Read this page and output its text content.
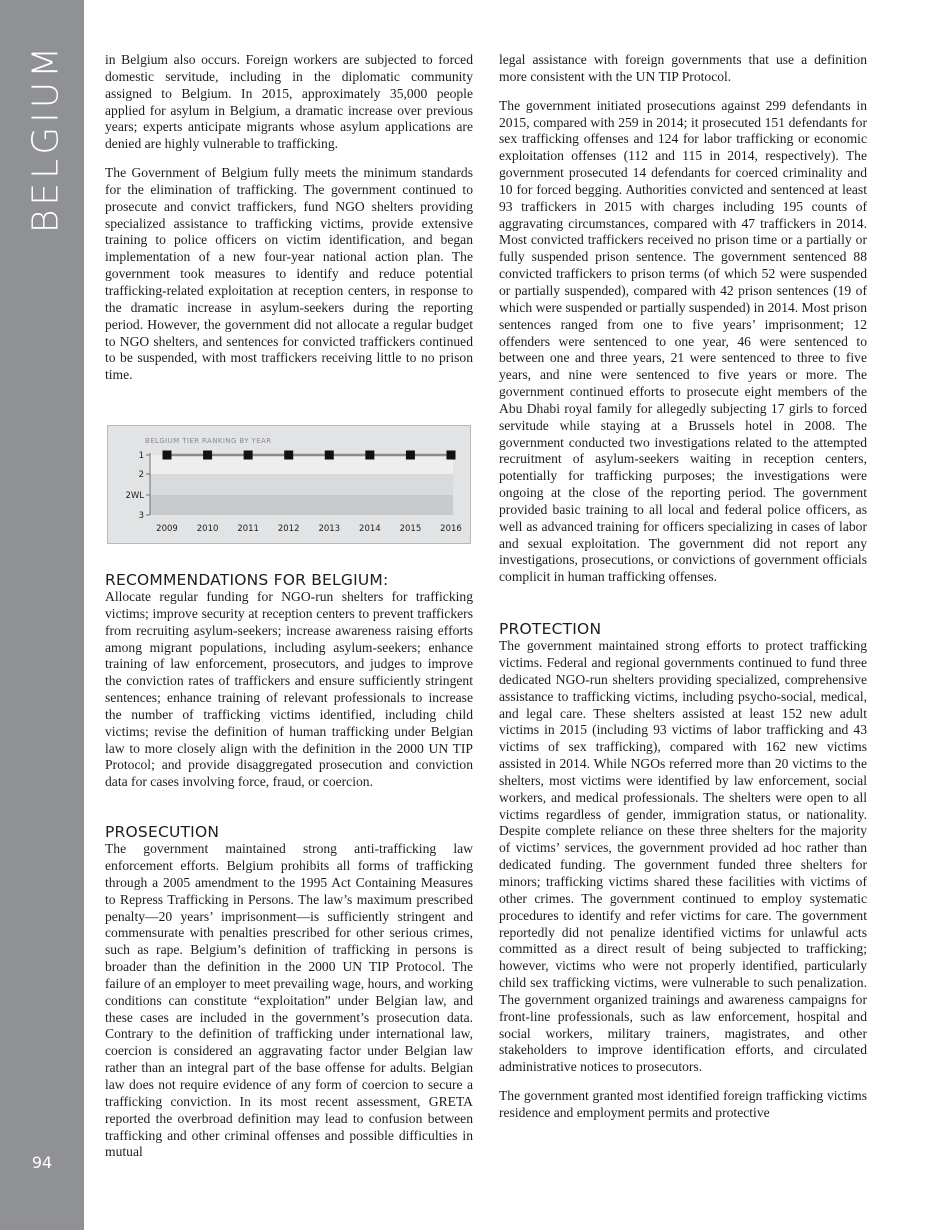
BELGIUM
94

in Belgium also occurs. Foreign workers are subjected to forced domestic servitude, including in the diplomatic community assigned to Belgium. In 2015, approximately 35,000 people applied for asylum in Belgium, a dramatic increase over previous years; experts anticipate migrants whose asylum applications are denied are highly vulnerable to trafficking.

The Government of Belgium fully meets the minimum standards for the elimination of trafficking. The government continued to prosecute and convict traffickers, fund NGO shelters providing specialized assistance to trafficking victims, provide extensive training to police officers on victim identification, and began implementation of a new four-year national action plan. The government took measures to identify and reduce potential trafficking-related exploitation at reception centers, in response to the dramatic increase in asylum-seekers during the reporting period. However, the government did not allocate a regular budget to NGO shelters, and sentences for convicted traffickers continued to be suspended, with most traffickers receiving little to no prison time.

BELGIUM TIER RANKING BY YEAR
1
2
2WL
3
2009 2010 2011 2012 2013 2014 2015 2016
RECOMMENDATIONS FOR BELGIUM:

Allocate regular funding for NGO-run shelters for trafficking victims; improve security at reception centers to prevent traffickers from recruiting asylum-seekers; increase awareness raising efforts among migrant populations, including asylum-seekers; enhance training of law enforcement, prosecutors, and judges to improve the conviction rates of traffickers and ensure sufficiently stringent sentences; enhance training of relevant professionals to increase the number of trafficking victims identified, including child victims; revise the definition of human trafficking under Belgian law to more closely align with the definition in the 2000 UN TIP Protocol; and provide disaggregated prosecution and conviction data for cases involving force, fraud, or coercion.

PROSECUTION

The government maintained strong anti-trafficking law enforcement efforts. Belgium prohibits all forms of trafficking through a 2005 amendment to the 1995 Act Containing Measures to Repress Trafficking in Persons. The law’s maximum prescribed penalty—20 years’ imprisonment—is sufficiently stringent and commensurate with penalties prescribed for other serious crimes, such as rape. Belgium’s definition of trafficking in persons is broader than the definition in the 2000 UN TIP Protocol. The failure of an employer to meet prevailing wage, hours, and working conditions can constitute “exploitation” under Belgian law, and these cases are included in the government’s prosecution data. Contrary to the definition of trafficking under international law, coercion is considered an aggravating factor under Belgian law rather than an integral part of the base offense for adults. Belgian law does not require evidence of any form of coercion to secure a trafficking conviction. In its most recent assessment, GRETA reported the overbroad definition may lead to confusion between trafficking and other criminal offenses and possible difficulties in mutual

legal assistance with foreign governments that use a definition more consistent with the UN TIP Protocol.

The government initiated prosecutions against 299 defendants in 2015, compared with 259 in 2014; it prosecuted 151 defendants for sex trafficking offenses and 124 for labor trafficking or economic exploitation offenses (112 and 115 in 2014, respectively). The government prosecuted 14 defendants for coerced criminality and 10 for forced begging. Authorities convicted and sentenced at least 93 traffickers in 2015 with charges including 195 counts of aggravating circumstances, compared with 47 traffickers in 2014. Most convicted traffickers received no prison time or a partially or fully suspended prison sentence. The government sentenced 88 convicted traffickers to prison terms (of which 52 were suspended or partially suspended), compared with 42 prison sentences (19 of which were suspended or partially suspended) in 2014. Most prison sentences ranged from one to five years’ imprisonment; 12 offenders were sentenced to one year, 46 were sentenced to between one and three years, 21 were sentenced to three to five years, and nine were sentenced to five years or more. The government continued efforts to prosecute eight members of the Abu Dhabi royal family for allegedly subjecting 17 girls to forced servitude while staying at a Brussels hotel in 2008. The government conducted two investigations related to the attempted recruitment of asylum-seekers waiting in reception centers, potentially for trafficking purposes; the investigations were ongoing at the close of the reporting period. The government provided basic training to all local and federal police officers, as well as advanced training for officers specializing in cases of labor and sexual exploitation. The government did not report any investigations, prosecutions, or convictions of government officials complicit in human trafficking offenses.

PROTECTION

The government maintained strong efforts to protect trafficking victims. Federal and regional governments continued to fund three dedicated NGO-run shelters providing specialized, comprehensive assistance to trafficking victims, including psycho-social, medical, and legal care. These shelters assisted at least 152 new adult victims in 2015 (including 93 victims of labor trafficking and 43 victims of sex trafficking), compared with 162 new victims assisted in 2014. While NGOs referred more than 20 victims to the shelters, most victims were identified by law enforcement, social workers, and medical professionals. The shelters were open to all victims regardless of gender, immigration status, or nationality. Despite complete reliance on these three shelters for the majority of victims’ services, the government provided ad hoc rather than dedicated funding. The government funded three shelters for minors; trafficking victims shared these facilities with victims of other crimes. The government continued to employ systematic procedures to identify and refer victims for care. The government reportedly did not penalize identified victims for unlawful acts committed as a direct result of being subjected to trafficking; however, victims who were not properly identified, particularly child sex trafficking victims, were vulnerable to such penalization. The government organized trainings and awareness campaigns for front-line professionals, such as law enforcement, hospital and social workers, military trainers, magistrates, and other stakeholders to improve identification efforts, and circulated administrative notices to prosecutors.

The government granted most identified foreign trafficking victims residence and employment permits and protective
